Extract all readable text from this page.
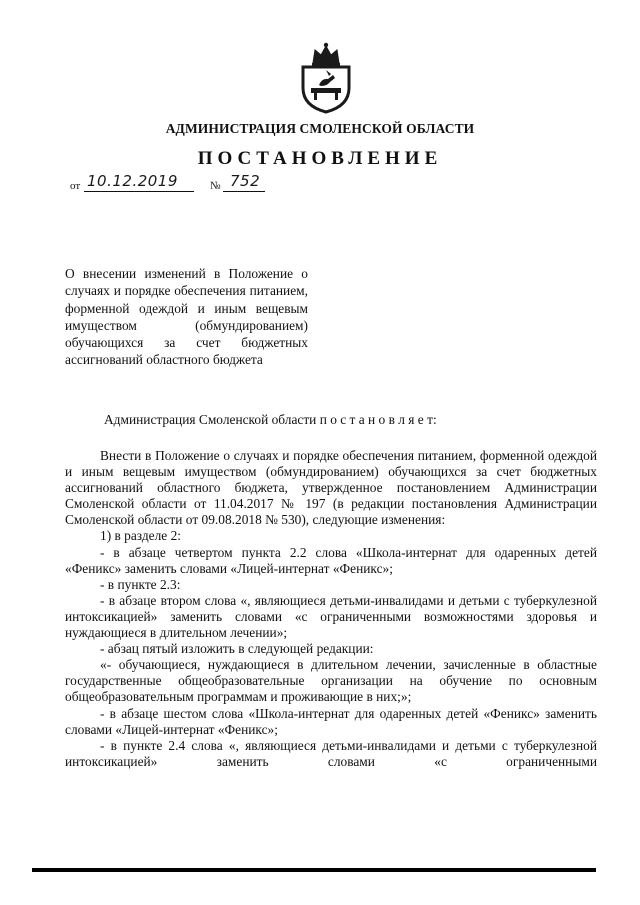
АДМИНИСТРАЦИЯ СМОЛЕНСКОЙ ОБЛАСТИ
ПОСТАНОВЛЕНИЕ
от 10.12.2019	№ 752
О внесении изменений в Положение о случаях и порядке обеспечения питанием, форменной одеждой и иным вещевым имуществом (обмундированием) обучающихся за счет бюджетных ассигнований областного бюджета
Администрация Смоленской области п о с т а н о в л я е т:

Внести в Положение о случаях и порядке обеспечения питанием, форменной одеждой и иным вещевым имуществом (обмундированием) обучающихся за счет бюджетных ассигнований областного бюджета, утвержденное постановлением Администрации Смоленской области от 11.04.2017 № 197 (в редакции постановления Администрации Смоленской области от 09.08.2018 № 530), следующие изменения:

1) в разделе 2:

- в абзаце четвертом пункта 2.2 слова «Школа-интернат для одаренных детей «Феникс» заменить словами «Лицей-интернат «Феникс»;

- в пункте 2.3:

- в абзаце втором слова «, являющиеся детьми-инвалидами и детьми с туберкулезной интоксикацией» заменить словами «с ограниченными возможностями здоровья и нуждающиеся в длительном лечении»;

- абзац пятый изложить в следующей редакции:

«- обучающиеся, нуждающиеся в длительном лечении, зачисленные в областные государственные общеобразовательные организации на обучение по основным общеобразовательным программам и проживающие в них;»;

- в абзаце шестом слова «Школа-интернат для одаренных детей «Феникс» заменить словами «Лицей-интернат «Феникс»;

- в пункте 2.4 слова «, являющиеся детьми-инвалидами и детьми с туберкулезной интоксикацией» заменить словами «с ограниченными
